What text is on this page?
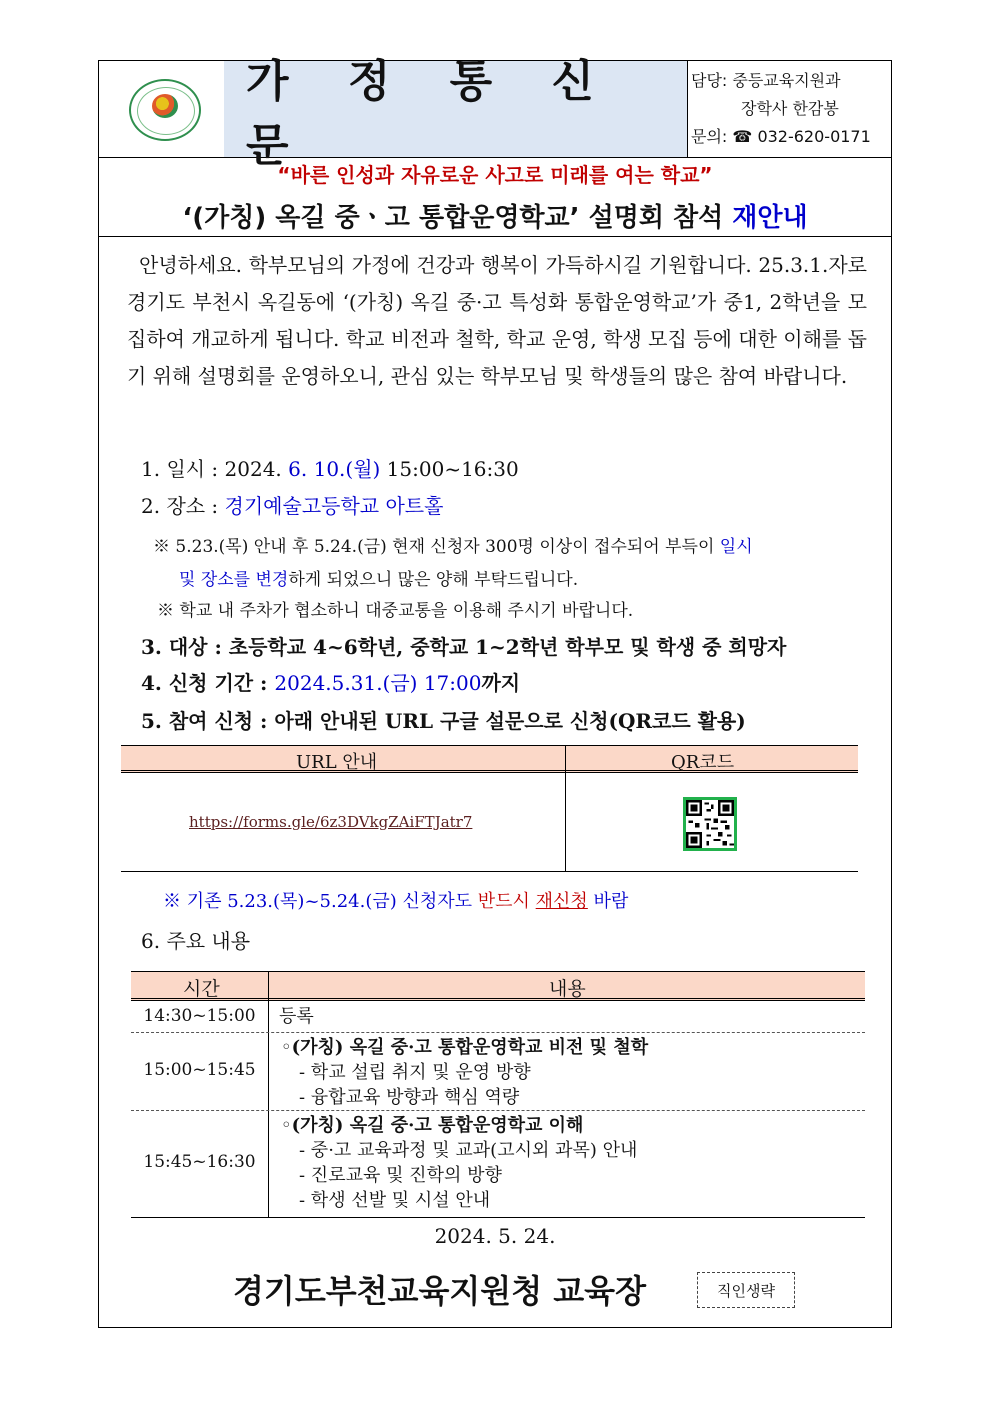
가 정 통 신 문
담당: 중등교육지원과
장학사 한감봉
문의: ☎ 032-620-0171
“바른 인성과 자유로운 사고로 미래를 여는 학교”
‘(가칭) 옥길 중ㆍ고 통합운영학교’ 설명회 참석 재안내
안녕하세요. 학부모님의 가정에 건강과 행복이 가득하시길 기원합니다. 25.3.1.자로 경기도 부천시 옥길동에 ‘(가칭) 옥길 중·고 특성화 통합운영학교’가 중1, 2학년을 모집하여 개교하게 됩니다. 학교 비전과 철학, 학교 운영, 학생 모집 등에 대한 이해를 돕기 위해 설명회를 운영하오니, 관심 있는 학부모님 및 학생들의 많은 참여 바랍니다.
1. 일시 : 2024. 6. 10.(월) 15:00~16:30
2. 장소 : 경기예술고등학교 아트홀
※ 5.23.(목) 안내 후 5.24.(금) 현재 신청자 300명 이상이 접수되어 부득이 일시
및 장소를 변경하게 되었으니 많은 양해 부탁드립니다.
※ 학교 내 주차가 협소하니 대중교통을 이용해 주시기 바랍니다.
3. 대상 : 초등학교 4~6학년, 중학교 1~2학년 학부모 및 학생 중 희망자
4. 신청 기간 : 2024.5.31.(금) 17:00까지
5. 참여 신청 : 아래 안내된 URL 구글 설문으로 신청(QR코드 활용)
URL 안내	QR코드
https://forms.gle/6z3DVkgZAiFTJatr7
※ 기존 5.23.(목)~5.24.(금) 신청자도 반드시 재신청 바람
6. 주요 내용
시간	내용
14:30~15:00	등록
15:00~15:45
◦(가칭) 옥길 중·고 통합운영학교 비전 및 철학
- 학교 설립 취지 및 운영 방향
- 융합교육 방향과 핵심 역량
15:45~16:30
◦(가칭) 옥길 중·고 통합운영학교 이해
- 중·고 교육과정 및 교과(고시외 과목) 안내
- 진로교육 및 진학의 방향
- 학생 선발 및 시설 안내
2024. 5. 24.
경기도부천교육지원청 교육장	직인생략
